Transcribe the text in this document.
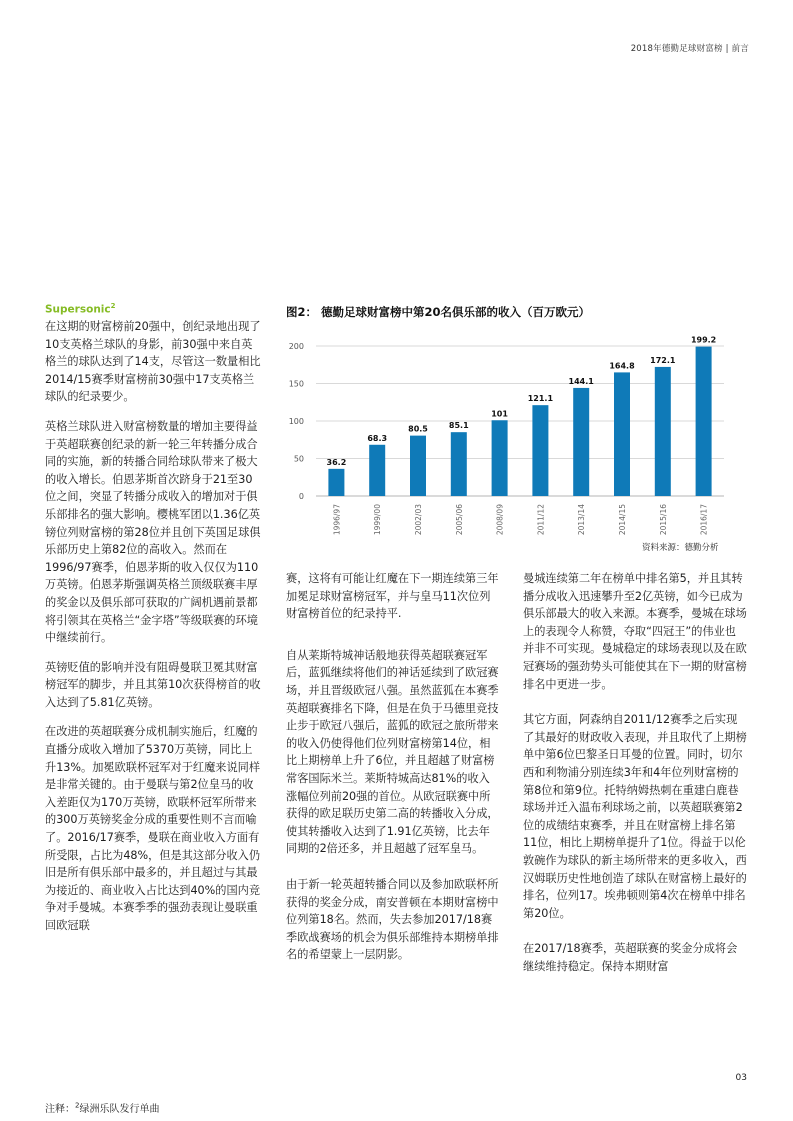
2018年德勤足球财富榜 | 前言
Supersonic$^2$

在这期的财富榜前20强中，创纪录地出现了10支英格兰球队的身影，前30强中来自英格兰的球队达到了14支，尽管这一数量相比2014/15赛季财富榜前30强中17支英格兰球队的纪录要少。

英格兰球队进入财富榜数量的增加主要得益于英超联赛创纪录的新一轮三年转播分成合同的实施，新的转播合同给球队带来了极大的收入增长。伯恩茅斯首次跻身于21至30位之间，突显了转播分成收入的增加对于俱乐部排名的强大影响。樱桃军团以1.36亿英镑位列财富榜的第28位并且创下英国足球俱乐部历史上第82位的高收入。然而在1996/97赛季，伯恩茅斯的收入仅仅为110万英镑。伯恩茅斯强调英格兰顶级联赛丰厚的奖金以及俱乐部可获取的广阔机遇前景都将引领其在英格兰“金字塔”等级联赛的环境中继续前行。

英镑贬值的影响并没有阻碍曼联卫冕其财富榜冠军的脚步，并且其第10次获得榜首的收入达到了5.81亿英镑。

在改进的英超联赛分成机制实施后，红魔的直播分成收入增加了5370万英镑，同比上升13%。加冕欧联杯冠军对于红魔来说同样是非常关键的。由于曼联与第2位皇马的收入差距仅为170万英镑，欧联杯冠军所带来的300万英镑奖金分成的重要性则不言而喻了。2016/17赛季，曼联在商业收入方面有所受限，占比为48%，但是其这部分收入仍旧是所有俱乐部中最多的，并且超过与其最为接近的、商业收入占比达到40%的国内竞争对手曼城。本赛季季的强劲表现让曼联重回欧冠联

图2： 德勤足球财富榜中第20名俱乐部的收入（百万欧元）
0
50
100
150
200
36.2
1996/97
68.3
1999/00
80.5
2002/03
85.1
2005/06
101
2008/09
121.1
2011/12
144.1
2013/14
164.8
2014/15
172.1
2015/16
199.2
2016/17
资料来源：德勤分析

赛，这将有可能让红魔在下一期连续第三年加冕足球财富榜冠军，并与皇马11次位列财富榜首位的纪录持平.

自从莱斯特城神话般地获得英超联赛冠军后，蓝狐继续将他们的神话延续到了欧冠赛场，并且晋级欧冠八强。虽然蓝狐在本赛季英超联赛排名下降，但是在负于马德里竞技止步于欧冠八强后，蓝狐的欧冠之旅所带来的收入仍使得他们位列财富榜第14位，相比上期榜单上升了6位，并且超越了财富榜常客国际米兰。莱斯特城高达81%的收入涨幅位列前20强的首位。从欧冠联赛中所获得的欧足联历史第二高的转播收入分成，使其转播收入达到了1.91亿英镑，比去年同期的2倍还多，并且超越了冠军皇马。

由于新一轮英超转播合同以及参加欧联杯所获得的奖金分成，南安普顿在本期财富榜中位列第18名。然而，失去参加2017/18赛季欧战赛场的机会为俱乐部维持本期榜单排名的希望蒙上一层阴影。

曼城连续第二年在榜单中排名第5，并且其转播分成收入迅速攀升至2亿英镑，如今已成为俱乐部最大的收入来源。本赛季，曼城在球场上的表现令人称赞，夺取“四冠王”的伟业也并非不可实现。曼城稳定的球场表现以及在欧冠赛场的强劲势头可能使其在下一期的财富榜排名中更进一步。

其它方面，阿森纳自2011/12赛季之后实现了其最好的财政收入表现，并且取代了上期榜单中第6位巴黎圣日耳曼的位置。同时，切尔西和利物浦分别连续3年和4年位列财富榜的第8位和第9位。托特纳姆热刺在重建白鹿巷球场并迁入温布利球场之前，以英超联赛第2位的成绩结束赛季，并且在财富榜上排名第11位，相比上期榜单提升了1位。得益于以伦敦碗作为球队的新主场所带来的更多收入，西汉姆联历史性地创造了球队在财富榜上最好的排名，位列17。埃弗顿则第4次在榜单中排名第20位。

在2017/18赛季，英超联赛的奖金分成将会继续维持稳定。保持本期财富

03
注释：$^2$绿洲乐队发行单曲
